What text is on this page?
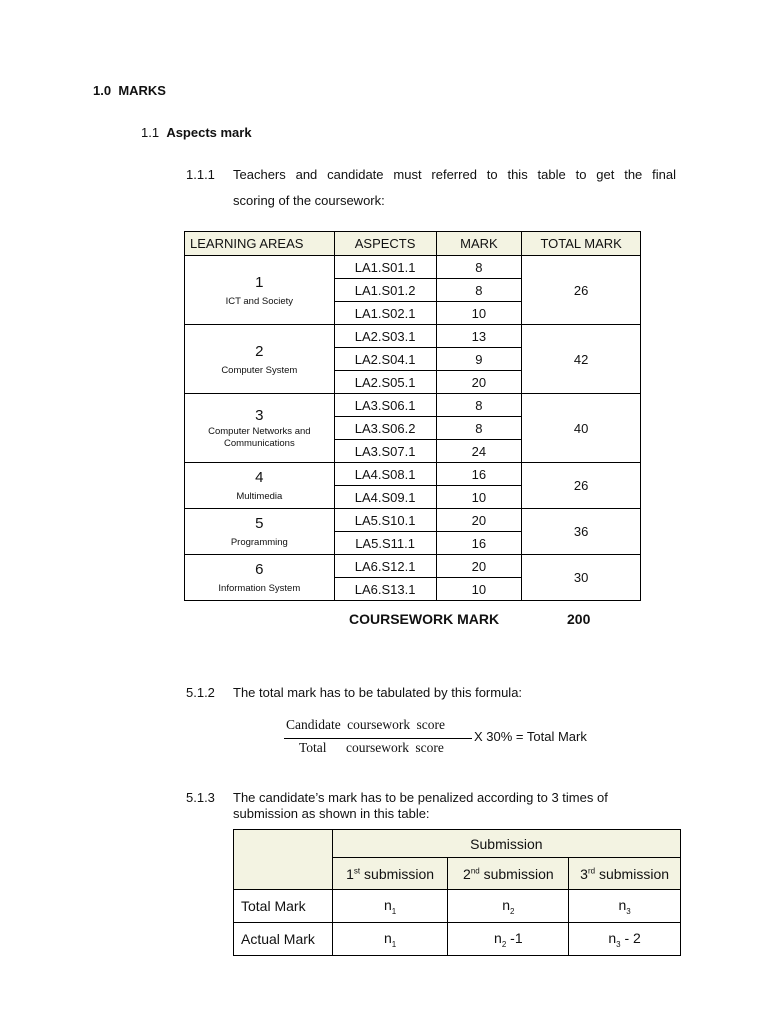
1.0 MARKS
1.1 Aspects mark
1.1.1 Teachers and candidate must referred to this table to get the final
scoring of the coursework:
LEARNING AREAS	ASPECTS	MARK	TOTAL MARK

1
ICT and Society	LA1.S01.1	8	26
	LA1.S01.2	8	
	LA1.S02.1	10	

2
Computer System	LA2.S03.1	13	42
	LA2.S04.1	9	
	LA2.S05.1	20	

3
Computer Networks and Communications	LA3.S06.1	8	40
	LA3.S06.2	8	
	LA3.S07.1	24	

4
Multimedia	LA4.S08.1	16	26
	LA4.S09.1	10	

5
Programming	LA5.S10.1	20	36
	LA5.S11.1	16	

6
Information System	LA6.S12.1	20	30
	LA6.S13.1	10	
COURSEWORK MARK	200
5.1.2 The total mark has to be tabulated by this formula:
Candidate coursework score
Total coursework score
X 30% = Total Mark
5.1.3 The candidate’s mark has to be penalized according to 3 times of
submission as shown in this table:
	Submission		
	1st submission	2nd submission	3rd submission
Total Mark	$n_1$	$n_2$	$n_3$
Actual Mark	$n_1$	$n_2$ -1	$n_3 - 2$
